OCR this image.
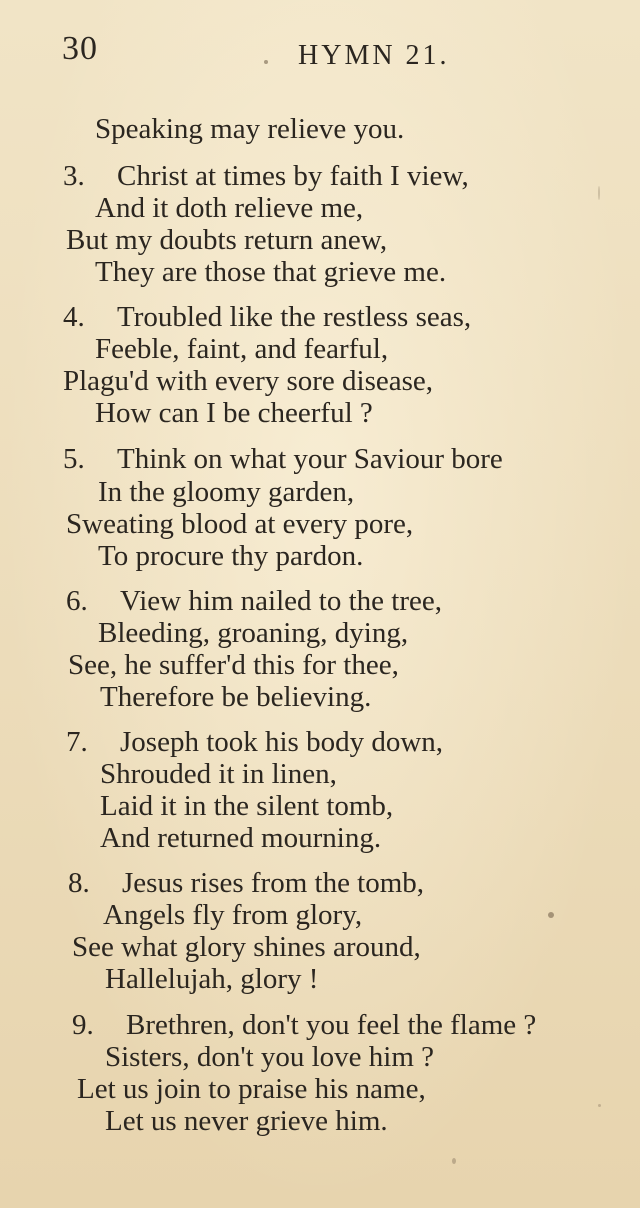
30	HYMN 21.
Speaking may relieve you.
3. Christ at times by faith I view,
And it doth relieve me,
But my doubts return anew,
They are those that grieve me.
4. Troubled like the restless seas,
Feeble, faint, and fearful,
Plagu'd with every sore disease,
How can I be cheerful ?
5. Think on what your Saviour bore
In the gloomy garden,
Sweating blood at every pore,
To procure thy pardon.
6. View him nailed to the tree,
Bleeding, groaning, dying,
See, he suffer'd this for thee,
Therefore be believing.
7. Joseph took his body down,
Shrouded it in linen,
Laid it in the silent tomb,
And returned mourning.
8. Jesus rises from the tomb,
Angels fly from glory,
See what glory shines around,
Hallelujah, glory !
9. Brethren, don't you feel the flame ?
Sisters, don't you love him ?
Let us join to praise his name,
Let us never grieve him.
